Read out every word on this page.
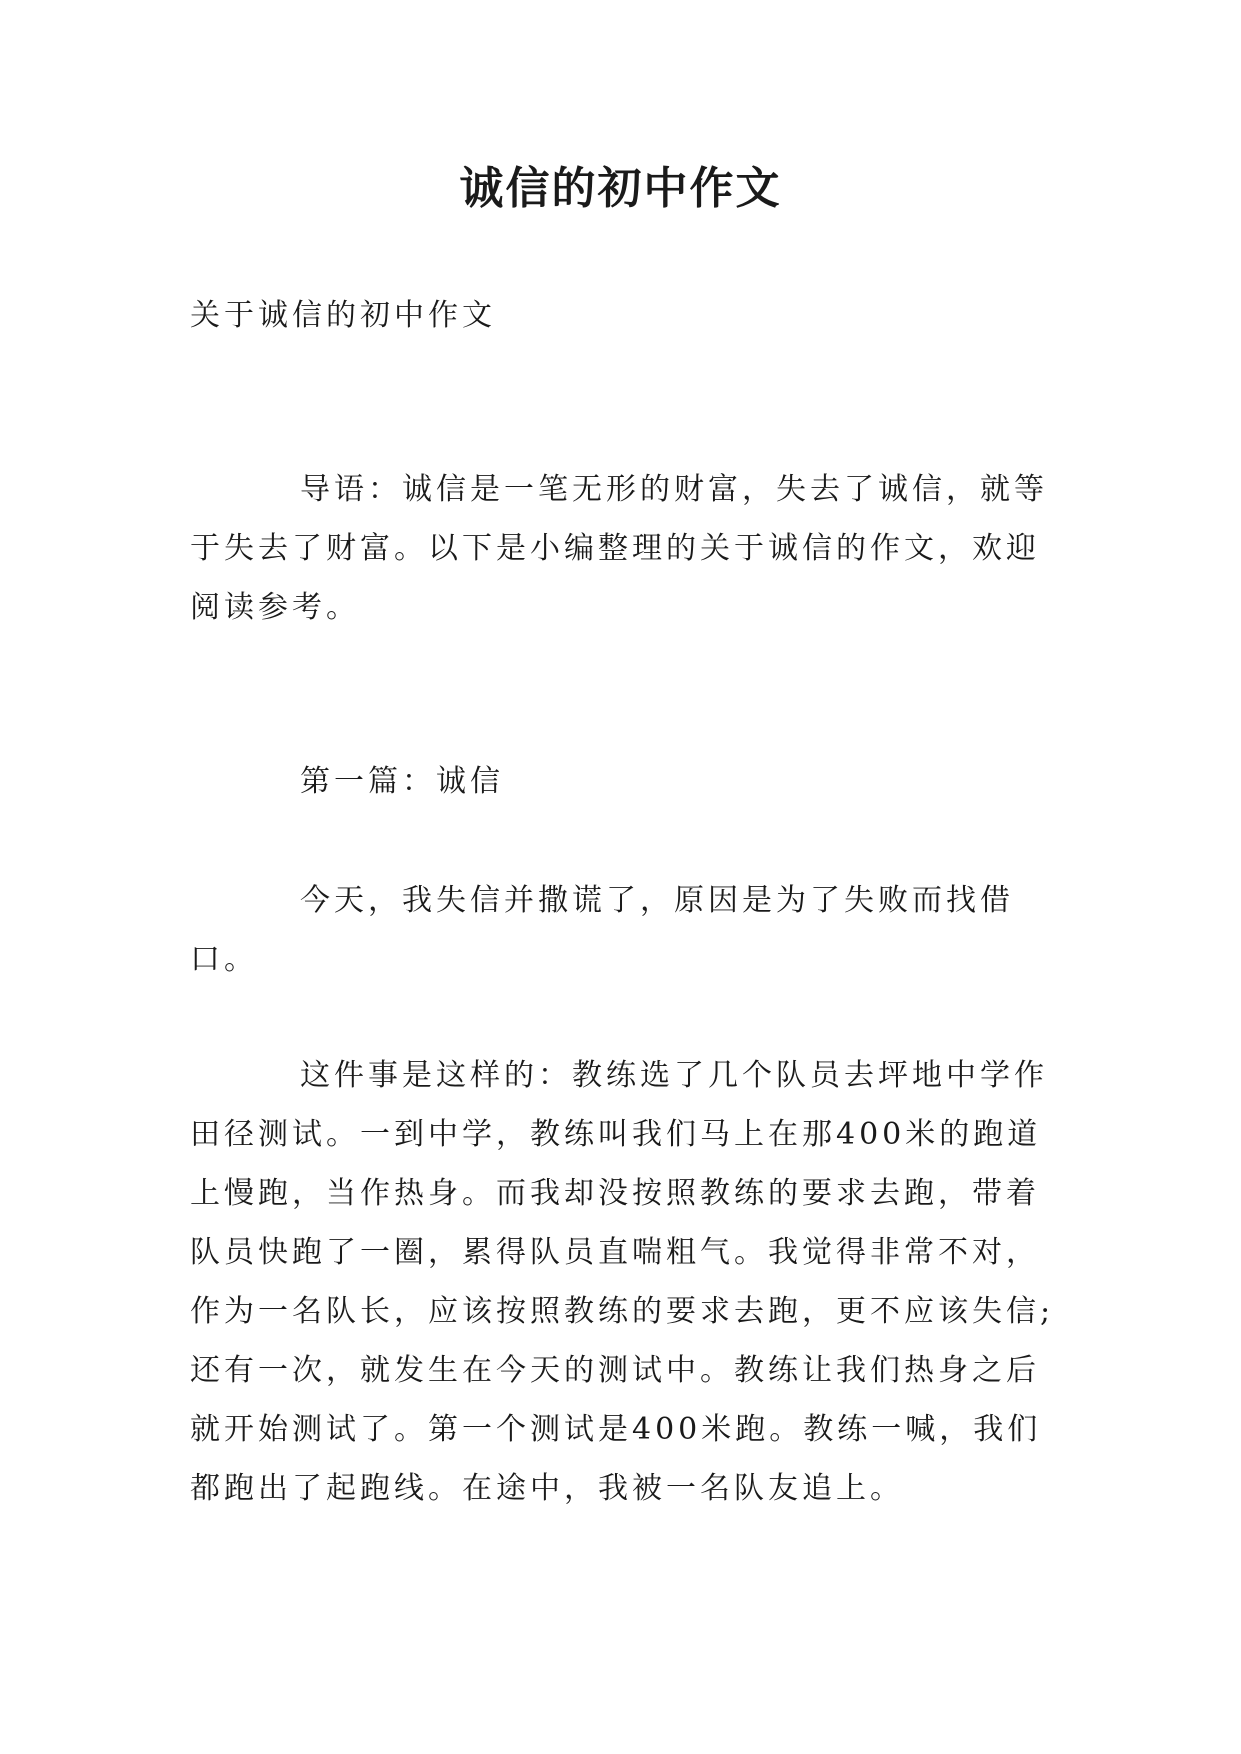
诚信的初中作文

关于诚信的初中作文

导语：诚信是一笔无形的财富，失去了诚信，就等于失去了财富。以下是小编整理的关于诚信的作文，欢迎阅读参考。

第一篇：诚信

今天，我失信并撒谎了，原因是为了失败而找借口。

这件事是这样的：教练选了几个队员去坪地中学作田径测试。一到中学，教练叫我们马上在那400米的跑道上慢跑，当作热身。而我却没按照教练的要求去跑，带着队员快跑了一圈，累得队员直喘粗气。我觉得非常不对，作为一名队长，应该按照教练的要求去跑，更不应该失信;还有一次，就发生在今天的测试中。教练让我们热身之后就开始测试了。第一个测试是400米跑。教练一喊，我们都跑出了起跑线。在途中，我被一名队友追上。
